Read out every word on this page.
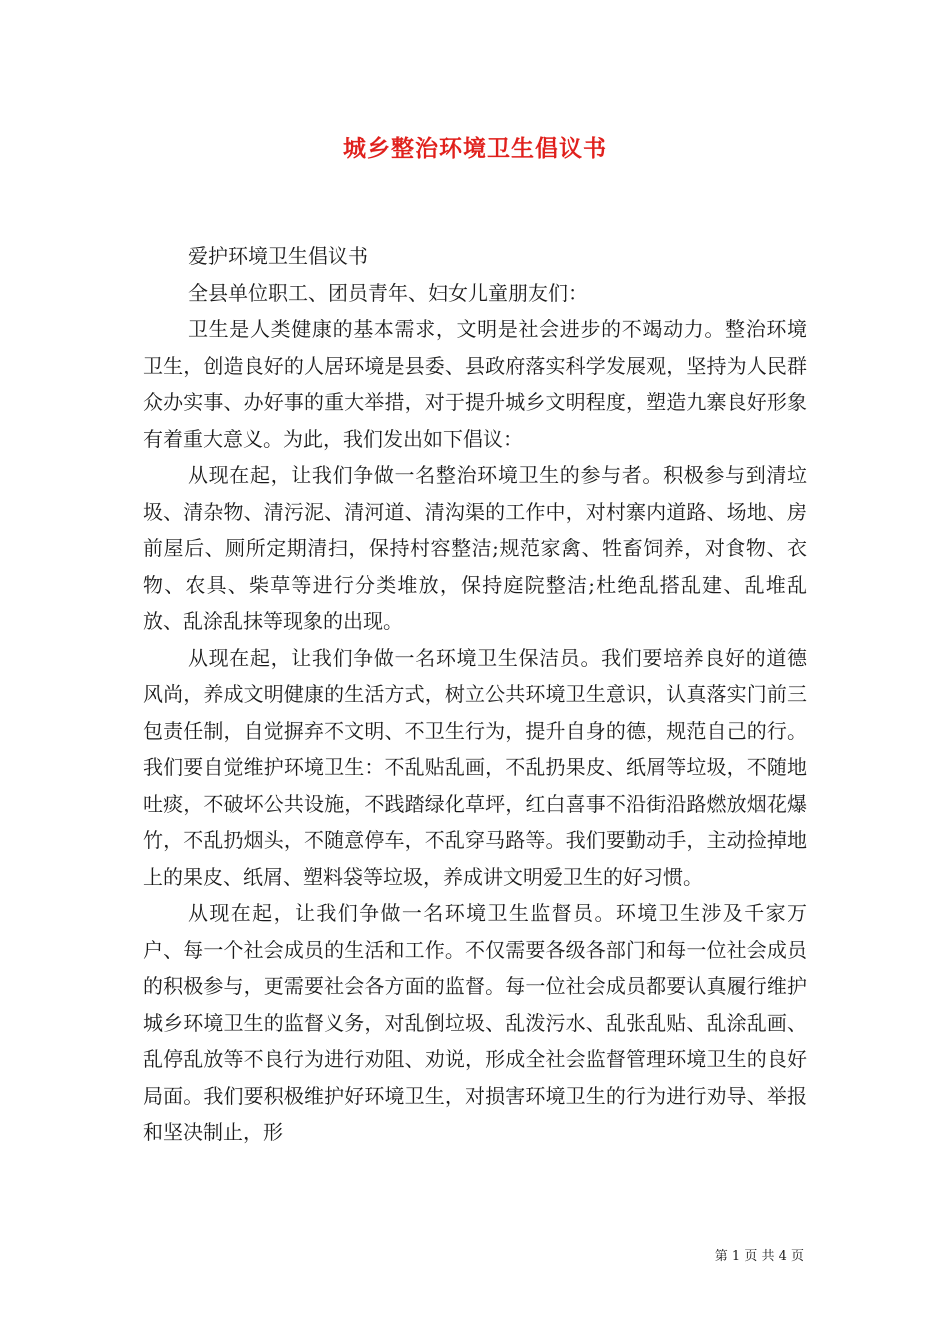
城乡整治环境卫生倡议书

爱护环境卫生倡议书

全县单位职工、团员青年、妇女儿童朋友们：

卫生是人类健康的基本需求，文明是社会进步的不竭动力。整治环境卫生，创造良好的人居环境是县委、县政府落实科学发展观，坚持为人民群众办实事、办好事的重大举措，对于提升城乡文明程度，塑造九寨良好形象有着重大意义。为此，我们发出如下倡议：

从现在起，让我们争做一名整治环境卫生的参与者。积极参与到清垃圾、清杂物、清污泥、清河道、清沟渠的工作中，对村寨内道路、场地、房前屋后、厕所定期清扫，保持村容整洁;规范家禽、牲畜饲养，对食物、衣物、农具、柴草等进行分类堆放，保持庭院整洁;杜绝乱搭乱建、乱堆乱放、乱涂乱抹等现象的出现。

从现在起，让我们争做一名环境卫生保洁员。我们要培养良好的道德风尚，养成文明健康的生活方式，树立公共环境卫生意识，认真落实门前三包责任制，自觉摒弃不文明、不卫生行为，提升自身的德，规范自己的行。我们要自觉维护环境卫生：不乱贴乱画，不乱扔果皮、纸屑等垃圾，不随地吐痰，不破坏公共设施，不践踏绿化草坪，红白喜事不沿街沿路燃放烟花爆竹，不乱扔烟头，不随意停车，不乱穿马路等。我们要勤动手，主动捡掉地上的果皮、纸屑、塑料袋等垃圾，养成讲文明爱卫生的好习惯。

从现在起，让我们争做一名环境卫生监督员。环境卫生涉及千家万户、每一个社会成员的生活和工作。不仅需要各级各部门和每一位社会成员的积极参与，更需要社会各方面的监督。每一位社会成员都要认真履行维护城乡环境卫生的监督义务，对乱倒垃圾、乱泼污水、乱张乱贴、乱涂乱画、乱停乱放等不良行为进行劝阻、劝说，形成全社会监督管理环境卫生的良好局面。我们要积极维护好环境卫生，对损害环境卫生的行为进行劝导、举报和坚决制止，形

第 1 页 共 4 页
